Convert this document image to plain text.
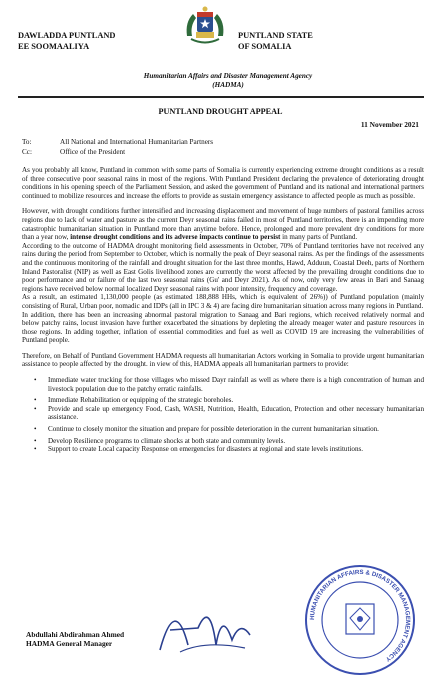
DAWLADDA PUNTLAND
EE SOOMAALIYA
PUNTLAND STATE
OF SOMALIA
Humanitarian Affairs and Disaster Management Agency
(HADMA)
PUNTLAND DROUGHT APPEAL
11 November 2021
To:	All National and International Humanitarian Partners
Cc:	Office of the President

As you probably all know, Puntland in common with some parts of Somalia is currently experiencing extreme drought conditions as a result of three consecutive poor seasonal rains in most of the regions. With Puntland President declaring the prevalence of deteriorating drought conditions in his opening speech of the Parliament Session, and asked the government of Puntland and its national and international partners continued to mobilize resources and increase the efforts to provide as sustain emergency assistance to affected people as much as possible.

However, with drought conditions further intensified and increasing displacement and movement of huge numbers of pastoral families across regions due to lack of water and pasture as the current Deyr seasonal rains failed in most of Puntland territories, there is an impending more catastrophic humanitarian situation in Puntland more than anytime before. Hence, prolonged and more prevalent dry conditions for more than a year now, intense drought conditions and its adverse impacts continue to persist in many parts of Puntland.

According to the outcome of HADMA drought monitoring field assessments in October, 70% of Puntland territories have not received any rains during the period from September to October, which is normally the peak of Deyr seasonal rains. As per the findings of the assessments and the continuous monitoring of the rainfall and drought situation for the last three months, Hawd, Adduun, Coastal Deeh, parts of Northern Inland Pastoralist (NIP) as well as East Golis livelihood zones are currently the worst affected by the prevailing drought conditions due to poor performance and or failure of the last two seasonal rains (Gu' and Deyr 2021). As of now, only very few areas in Bari and Sanaag regions have received below normal localized Deyr seasonal rains with poor intensity, frequency and coverage.

As a result, an estimated 1,130,000 people (as estimated 188,888 HHs, which is equivalent of 26%)) of Puntland population (mainly consisting of Rural, Urban poor, nomadic and IDPs (all in IPC 3 & 4) are facing dire humanitarian situation across many regions in Puntland.

In addition, there has been an increasing abnormal pastoral migration to Sanaag and Bari regions, which received relatively normal and below patchy rains, locust invasion have further exacerbated the situations by depleting the already meager water and pasture resources in those regions. In adding together, inflation of essential commodities and fuel as well as COVID 19 are increasing the vulnerabilities of Puntland people.

Therefore, on Behalf of Puntland Government HADMA requests all humanitarian Actors working in Somalia to provide urgent humanitarian assistance to people affected by the drought. in view of this, HADMA appeals all humanitarian partners to provide:

• Immediate water trucking for those villages who missed Dayr rainfall as well as where there is a high concentration of human and livestock population due to the patchy erratic rainfalls.
• Immediate Rehabilitation or equipping of the strategic boreholes.
• Provide and scale up emergency Food, Cash, WASH, Nutrition, Health, Education, Protection and other necessary humanitarian assistance.
• Continue to closely monitor the situation and prepare for possible deterioration in the current humanitarian situation.
• Develop Resilience programs to climate shocks at both state and community levels.
• Support to create Local capacity Response on emergencies for disasters at regional and state levels institutions.
HUMANITARIAN AFFAIRS & DISASTER MANAGEMENT AGENCY
Abdullahi Abdirahman Ahmed
HADMA General Manager
